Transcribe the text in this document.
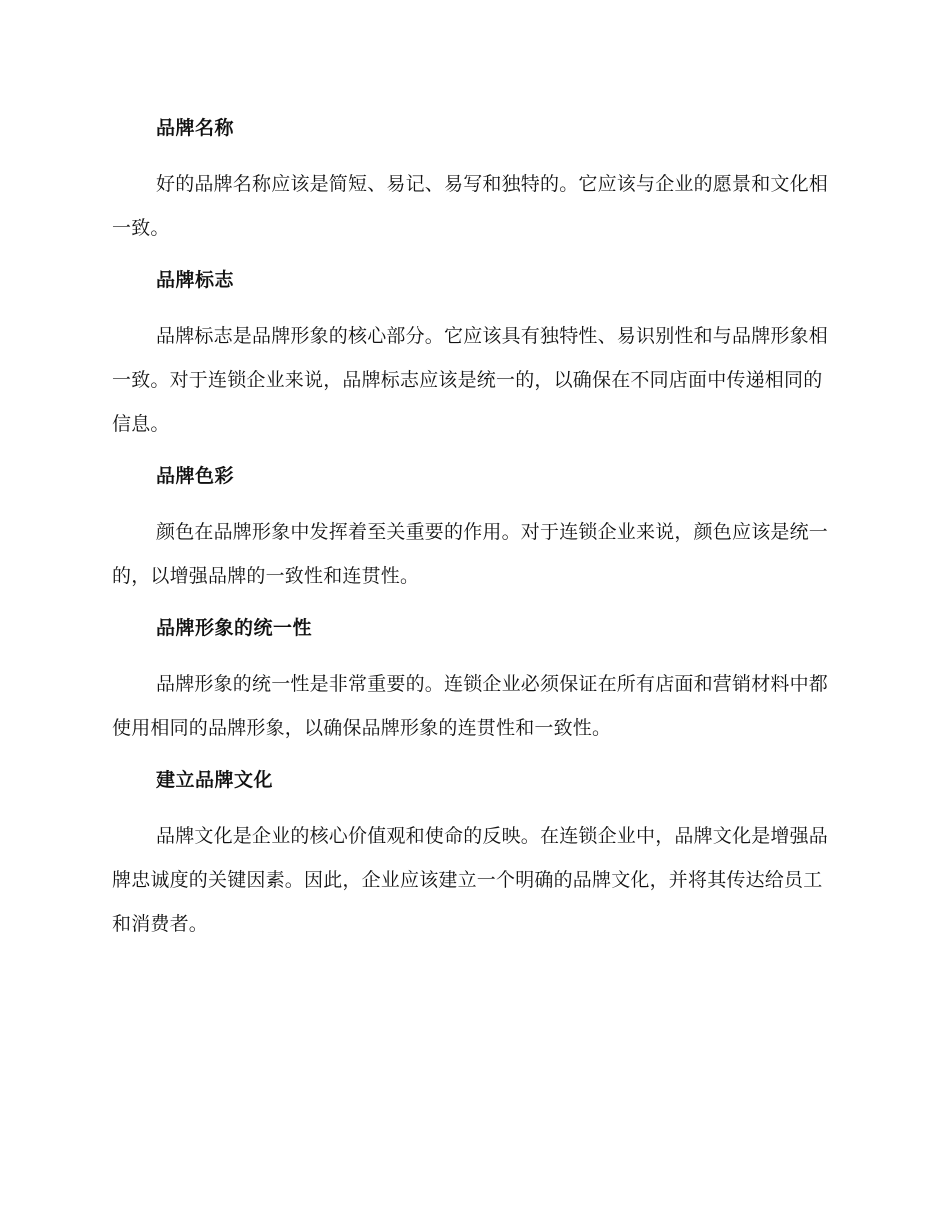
品牌名称

好的品牌名称应该是简短、易记、易写和独特的。它应该与企业的愿景和文化相一致。

品牌标志

品牌标志是品牌形象的核心部分。它应该具有独特性、易识别性和与品牌形象相一致。对于连锁企业来说，品牌标志应该是统一的，以确保在不同店面中传递相同的信息。

品牌色彩

颜色在品牌形象中发挥着至关重要的作用。对于连锁企业来说，颜色应该是统一的，以增强品牌的一致性和连贯性。

品牌形象的统一性

品牌形象的统一性是非常重要的。连锁企业必须保证在所有店面和营销材料中都使用相同的品牌形象，以确保品牌形象的连贯性和一致性。

建立品牌文化

品牌文化是企业的核心价值观和使命的反映。在连锁企业中，品牌文化是增强品牌忠诚度的关键因素。因此，企业应该建立一个明确的品牌文化，并将其传达给员工和消费者。
